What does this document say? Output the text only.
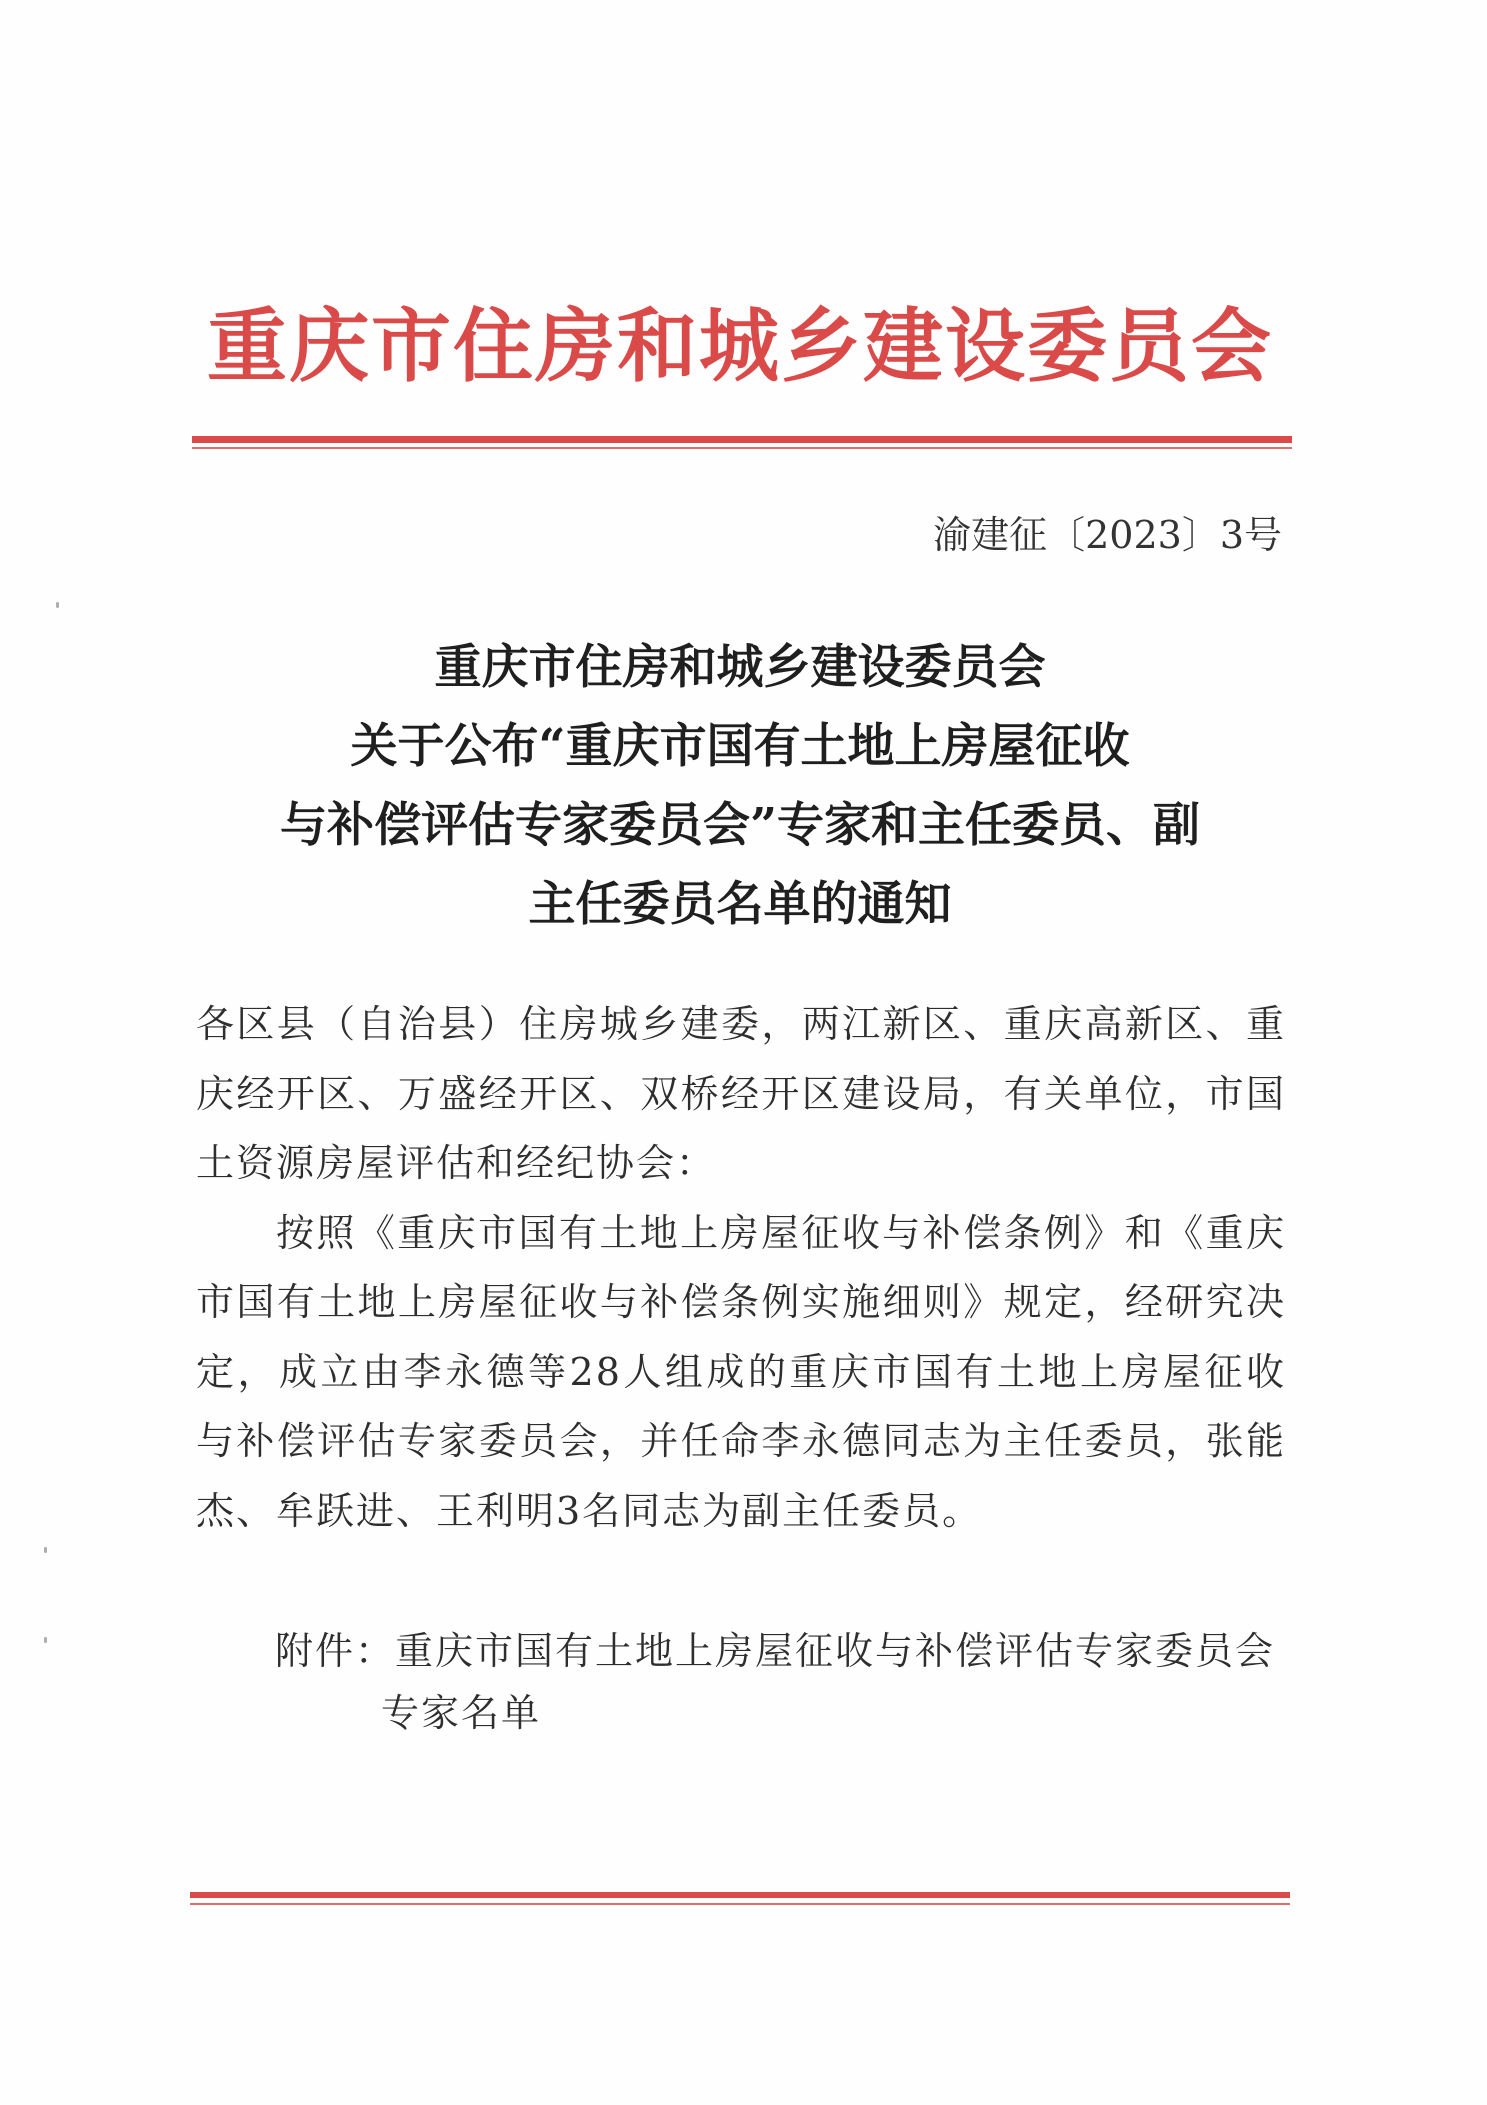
重庆市住房和城乡建设委员会
渝建征〔2023〕3号
重庆市住房和城乡建设委员会
关于公布“重庆市国有土地上房屋征收
与补偿评估专家委员会”专家和主任委员、副
主任委员名单的通知

各区县（自治县）住房城乡建委，两江新区、重庆高新区、重庆经开区、万盛经开区、双桥经开区建设局，有关单位，市国土资源房屋评估和经纪协会：

按照《重庆市国有土地上房屋征收与补偿条例》和《重庆市国有土地上房屋征收与补偿条例实施细则》规定，经研究决定，成立由李永德等28人组成的重庆市国有土地上房屋征收与补偿评估专家委员会，并任命李永德同志为主任委员，张能杰、牟跃进、王利明3名同志为副主任委员。

附件：重庆市国有土地上房屋征收与补偿评估专家委员会专家名单
